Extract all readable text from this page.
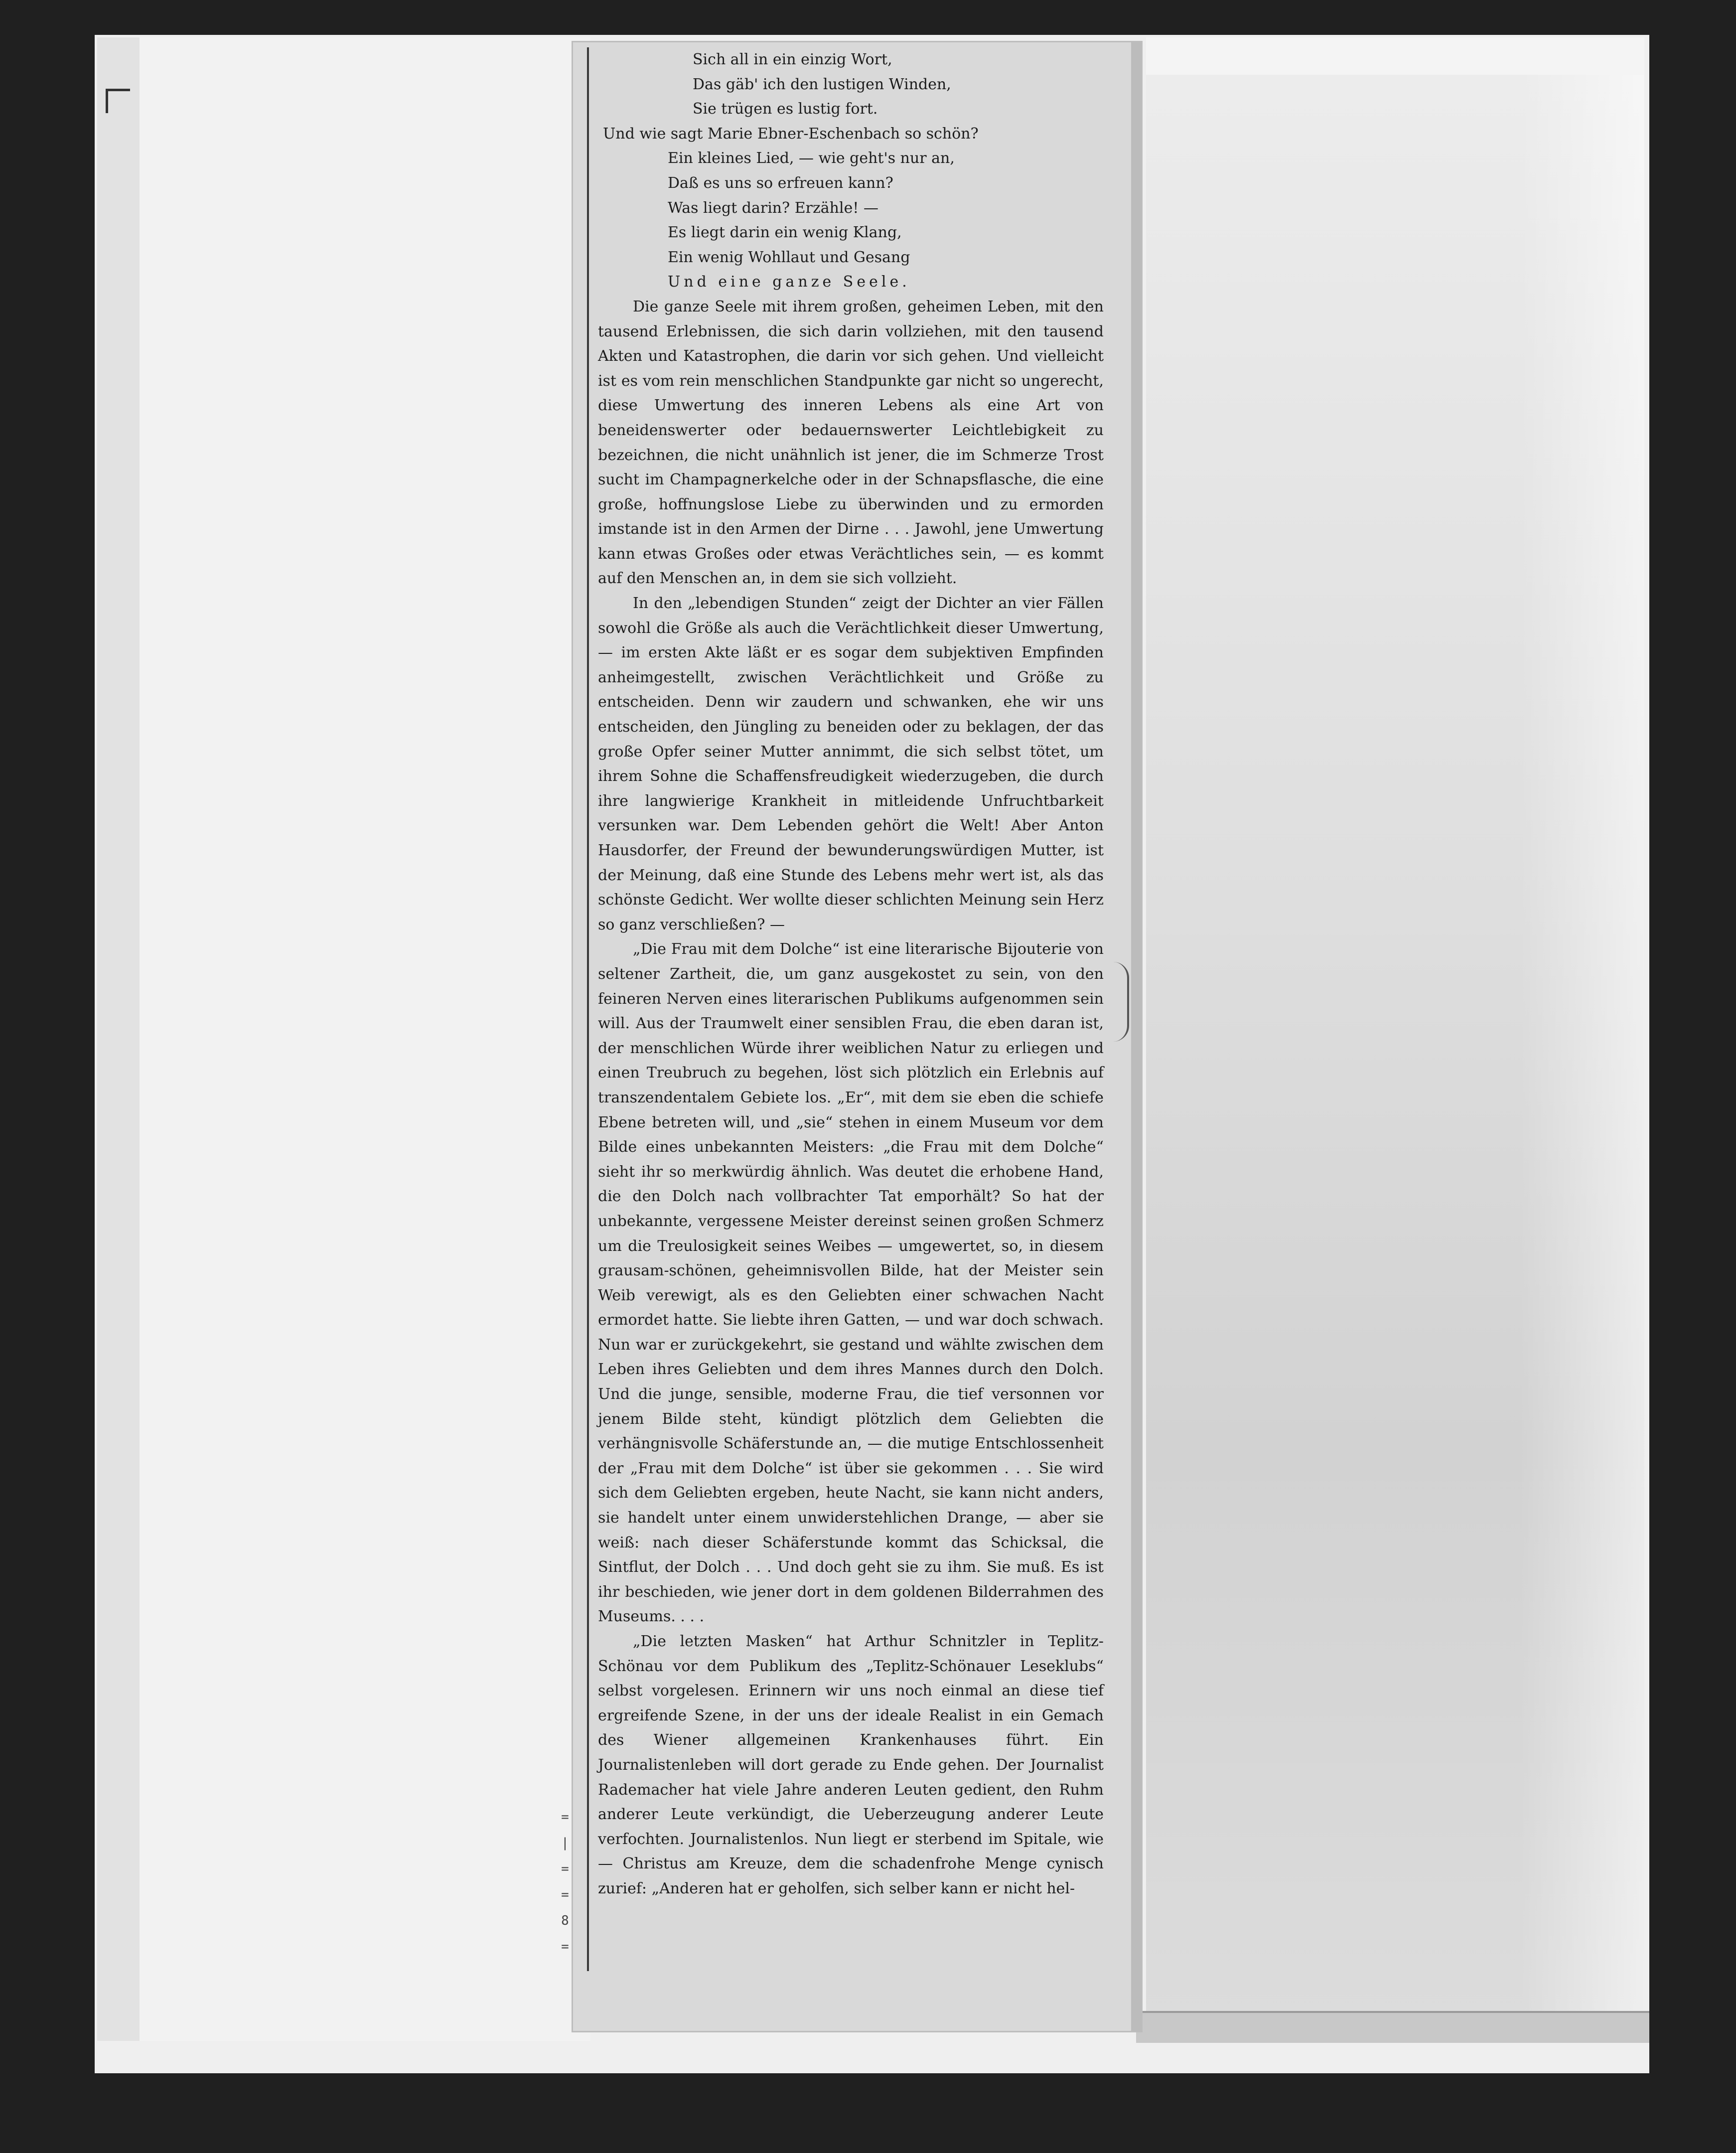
Sich all in ein einzig Wort,
Das gäb' ich den lustigen Winden,
Sie trügen es lustig fort.
Und wie sagt Marie Ebner-Eschenbach so schön?
Ein kleines Lied, — wie geht's nur an,
Daß es uns so erfreuen kann?
Was liegt darin? Erzähle! —
Es liegt darin ein wenig Klang,
Ein wenig Wohllaut und Gesang
Und eine ganze Seele.

Die ganze Seele mit ihrem großen, geheimen Leben, mit den tausend Erlebnissen, die sich darin vollziehen, mit den tausend Akten und Katastrophen, die darin vor sich gehen. Und vielleicht ist es vom rein menschlichen Standpunkte gar nicht so ungerecht, diese Umwertung des inneren Lebens als eine Art von beneidenswerter oder bedauernswerter Leichtlebigkeit zu bezeichnen, die nicht unähnlich ist jener, die im Schmerze Trost sucht im Champagnerkelche oder in der Schnapsflasche, die eine große, hoffnungslose Liebe zu überwinden und zu ermorden imstande ist in den Armen der Dirne . . . Jawohl, jene Umwertung kann etwas Großes oder etwas Verächtliches sein, — es kommt auf den Menschen an, in dem sie sich vollzieht.

In den „lebendigen Stunden“ zeigt der Dichter an vier Fällen sowohl die Größe als auch die Verächtlichkeit dieser Umwertung, — im ersten Akte läßt er es sogar dem subjektiven Empfinden anheimgestellt, zwischen Verächtlichkeit und Größe zu entscheiden. Denn wir zaudern und schwanken, ehe wir uns entscheiden, den Jüngling zu beneiden oder zu beklagen, der das große Opfer seiner Mutter annimmt, die sich selbst tötet, um ihrem Sohne die Schaffensfreudigkeit wiederzugeben, die durch ihre langwierige Krankheit in mitleidende Unfruchtbarkeit versunken war. Dem Lebenden gehört die Welt! Aber Anton Hausdorfer, der Freund der bewunderungswürdigen Mutter, ist der Meinung, daß eine Stunde des Lebens mehr wert ist, als das schönste Gedicht. Wer wollte dieser schlichten Meinung sein Herz so ganz verschließen? —

„Die Frau mit dem Dolche“ ist eine literarische Bijouterie von seltener Zartheit, die, um ganz ausgekostet zu sein, von den feineren Nerven eines literarischen Publikums aufgenommen sein will. Aus der Traumwelt einer sensiblen Frau, die eben daran ist, der menschlichen Würde ihrer weiblichen Natur zu erliegen und einen Treubruch zu begehen, löst sich plötzlich ein Erlebnis auf transzendentalem Gebiete los. „Er“, mit dem sie eben die schiefe Ebene betreten will, und „sie“ stehen in einem Museum vor dem Bilde eines unbekannten Meisters: „die Frau mit dem Dolche“ sieht ihr so merkwürdig ähnlich. Was deutet die erhobene Hand, die den Dolch nach vollbrachter Tat emporhält? So hat der unbekannte, vergessene Meister dereinst seinen großen Schmerz um die Treulosigkeit seines Weibes — umgewertet, so, in diesem grausam-schönen, geheimnisvollen Bilde, hat der Meister sein Weib verewigt, als es den Geliebten einer schwachen Nacht ermordet hatte. Sie liebte ihren Gatten, — und war doch schwach. Nun war er zurückgekehrt, sie gestand und wählte zwischen dem Leben ihres Geliebten und dem ihres Mannes durch den Dolch. Und die junge, sensible, moderne Frau, die tief versonnen vor jenem Bilde steht, kündigt plötzlich dem Geliebten die verhängnisvolle Schäferstunde an, — die mutige Entschlossenheit der „Frau mit dem Dolche“ ist über sie gekommen . . . Sie wird sich dem Geliebten ergeben, heute Nacht, sie kann nicht anders, sie handelt unter einem unwiderstehlichen Drange, — aber sie weiß: nach dieser Schäferstunde kommt das Schicksal, die Sintflut, der Dolch . . . Und doch geht sie zu ihm. Sie muß. Es ist ihr beschieden, wie jener dort in dem goldenen Bilderrahmen des Museums. . . .

„Die letzten Masken“ hat Arthur Schnitzler in Teplitz-Schönau vor dem Publikum des „Teplitz-Schönauer Leseklubs“ selbst vorgelesen. Erinnern wir uns noch einmal an diese tief ergreifende Szene, in der uns der ideale Realist in ein Gemach des Wiener allgemeinen Krankenhauses führt. Ein Journalistenleben will dort gerade zu Ende gehen. Der Journalist Rademacher hat viele Jahre anderen Leuten gedient, den Ruhm anderer Leute verkündigt, die Ueberzeugung anderer Leute verfochten. Journalistenlos. Nun liegt er sterbend im Spitale, wie — Christus am Kreuze, dem die schadenfrohe Menge cynisch zurief: „Anderen hat er geholfen, sich selber kann er nicht hel-

=
|
=
=
8
=
